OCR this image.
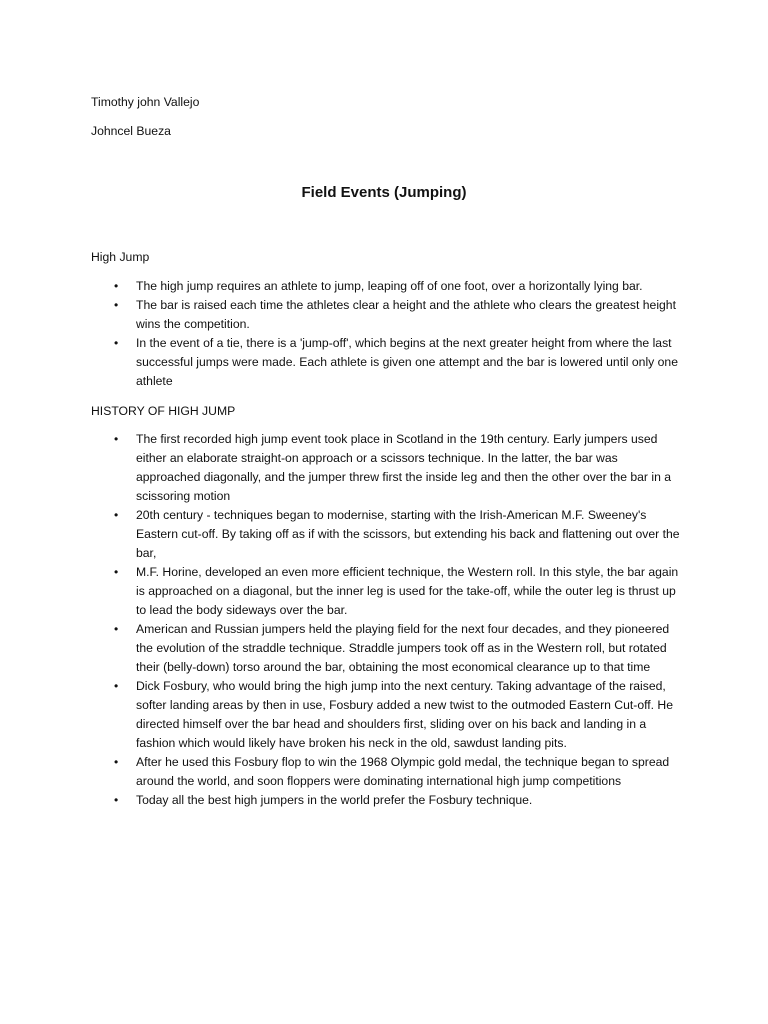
Timothy john Vallejo
Johncel Bueza
Field Events (Jumping)
High Jump
• The high jump requires an athlete to jump, leaping off of one foot, over a horizontally lying bar.
• The bar is raised each time the athletes clear a height and the athlete who clears the greatest height wins the competition.
• In the event of a tie, there is a 'jump-off', which begins at the next greater height from where the last successful jumps were made. Each athlete is given one attempt and the bar is lowered until only one athlete
HISTORY OF HIGH JUMP
• The first recorded high jump event took place in Scotland in the 19th century. Early jumpers used either an elaborate straight-on approach or a scissors technique. In the latter, the bar was approached diagonally, and the jumper threw first the inside leg and then the other over the bar in a scissoring motion
• 20th century - techniques began to modernise, starting with the Irish-American M.F. Sweeney's Eastern cut-off. By taking off as if with the scissors, but extending his back and flattening out over the bar,
• M.F. Horine, developed an even more efficient technique, the Western roll. In this style, the bar again is approached on a diagonal, but the inner leg is used for the take-off, while the outer leg is thrust up to lead the body sideways over the bar.
• American and Russian jumpers held the playing field for the next four decades, and they pioneered the evolution of the straddle technique. Straddle jumpers took off as in the Western roll, but rotated their (belly-down) torso around the bar, obtaining the most economical clearance up to that time
• Dick Fosbury, who would bring the high jump into the next century. Taking advantage of the raised, softer landing areas by then in use, Fosbury added a new twist to the outmoded Eastern Cut-off. He directed himself over the bar head and shoulders first, sliding over on his back and landing in a fashion which would likely have broken his neck in the old, sawdust landing pits.
• After he used this Fosbury flop to win the 1968 Olympic gold medal, the technique began to spread around the world, and soon floppers were dominating international high jump competitions
• Today all the best high jumpers in the world prefer the Fosbury technique.
